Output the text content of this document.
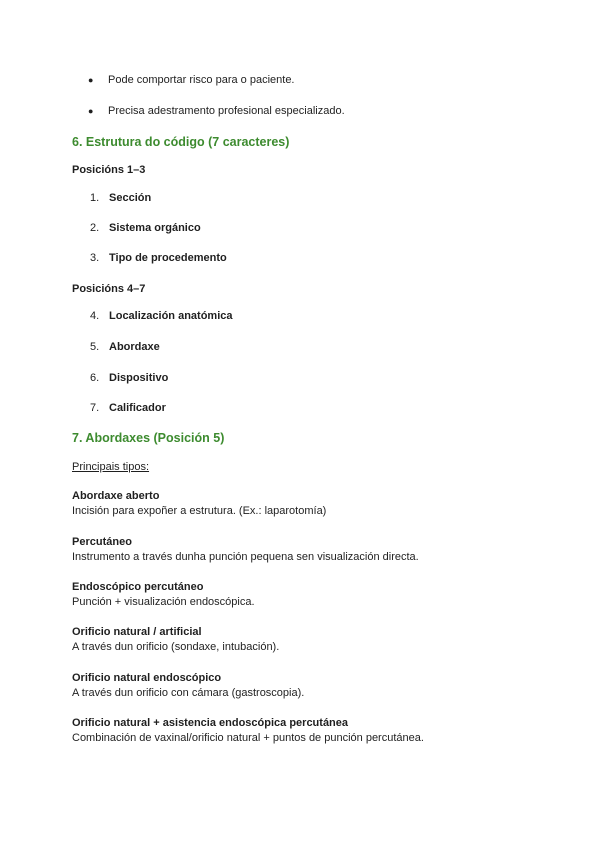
● Pode comportar risco para o paciente.
● Precisa adestramento profesional especializado.
6. Estrutura do código (7 caracteres)
Posicións 1–3
1. Sección
2. Sistema orgánico
3. Tipo de procedemento
Posicións 4–7
4. Localización anatómica
5. Abordaxe
6. Dispositivo
7. Calificador
7. Abordaxes (Posición 5)
Principais tipos:
Abordaxe aberto
Incisión para expoñer a estrutura. (Ex.: laparotomía)
Percutáneo
Instrumento a través dunha punción pequena sen visualización directa.
Endoscópico percutáneo
Punción + visualización endoscópica.
Orificio natural / artificial
A través dun orificio (sondaxe, intubación).
Orificio natural endoscópico
A través dun orificio con cámara (gastroscopia).
Orificio natural + asistencia endoscópica percutánea
Combinación de vaxinal/orificio natural + puntos de punción percutánea.
